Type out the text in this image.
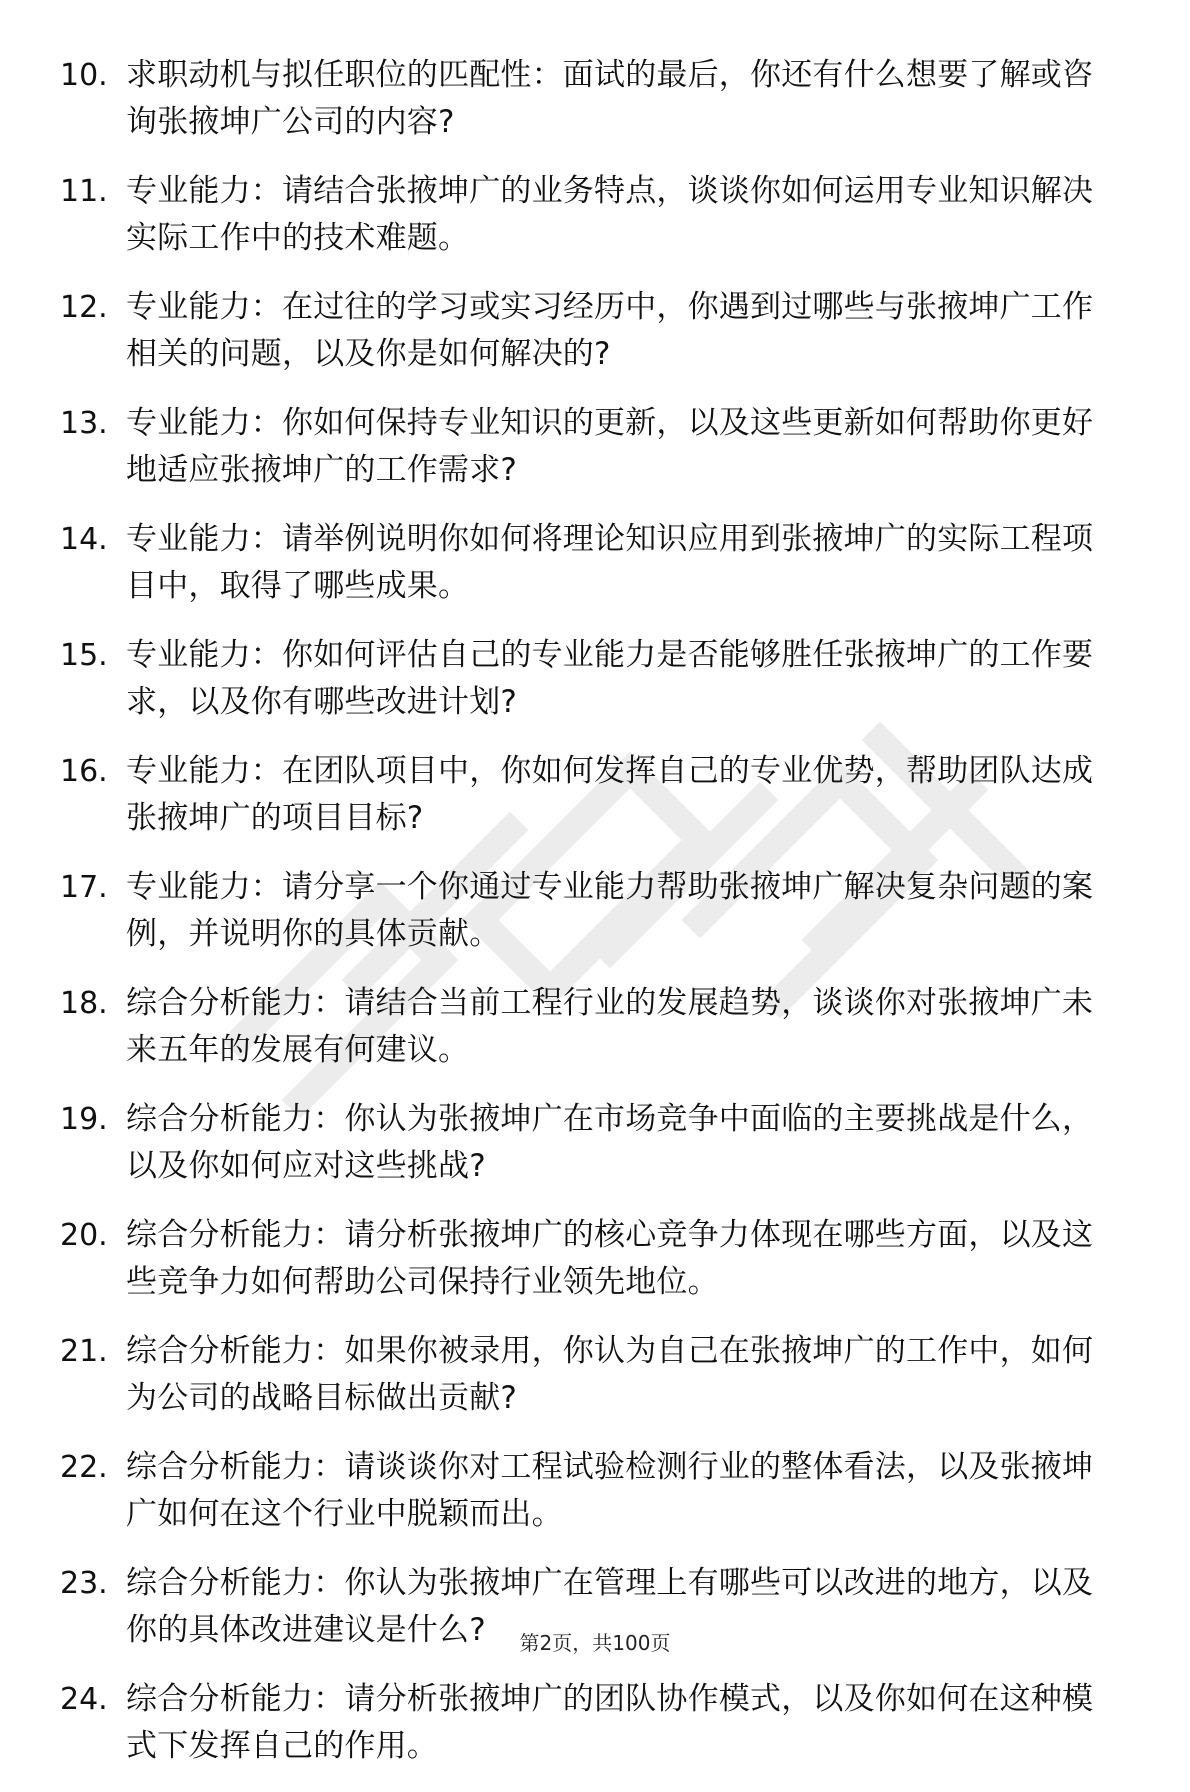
10. 求职动机与拟任职位的匹配性：面试的最后，你还有什么想要了解或咨询张掖坤广公司的内容?
11. 专业能力：请结合张掖坤广的业务特点，谈谈你如何运用专业知识解决实际工作中的技术难题。
12. 专业能力：在过往的学习或实习经历中，你遇到过哪些与张掖坤广工作相关的问题，以及你是如何解决的?
13. 专业能力：你如何保持专业知识的更新，以及这些更新如何帮助你更好地适应张掖坤广的工作需求?
14. 专业能力：请举例说明你如何将理论知识应用到张掖坤广的实际工程项目中，取得了哪些成果。
15. 专业能力：你如何评估自己的专业能力是否能够胜任张掖坤广的工作要求，以及你有哪些改进计划?
16. 专业能力：在团队项目中，你如何发挥自己的专业优势，帮助团队达成张掖坤广的项目目标?
17. 专业能力：请分享一个你通过专业能力帮助张掖坤广解决复杂问题的案例，并说明你的具体贡献。
18. 综合分析能力：请结合当前工程行业的发展趋势，谈谈你对张掖坤广未来五年的发展有何建议。
19. 综合分析能力：你认为张掖坤广在市场竞争中面临的主要挑战是什么，以及你如何应对这些挑战?
20. 综合分析能力：请分析张掖坤广的核心竞争力体现在哪些方面，以及这些竞争力如何帮助公司保持行业领先地位。
21. 综合分析能力：如果你被录用，你认为自己在张掖坤广的工作中，如何为公司的战略目标做出贡献?
22. 综合分析能力：请谈谈你对工程试验检测行业的整体看法，以及张掖坤广如何在这个行业中脱颖而出。
23. 综合分析能力：你认为张掖坤广在管理上有哪些可以改进的地方，以及你的具体改进建议是什么?
24. 综合分析能力：请分析张掖坤广的团队协作模式，以及你如何在这种模式下发挥自己的作用。
第2页，共100页
